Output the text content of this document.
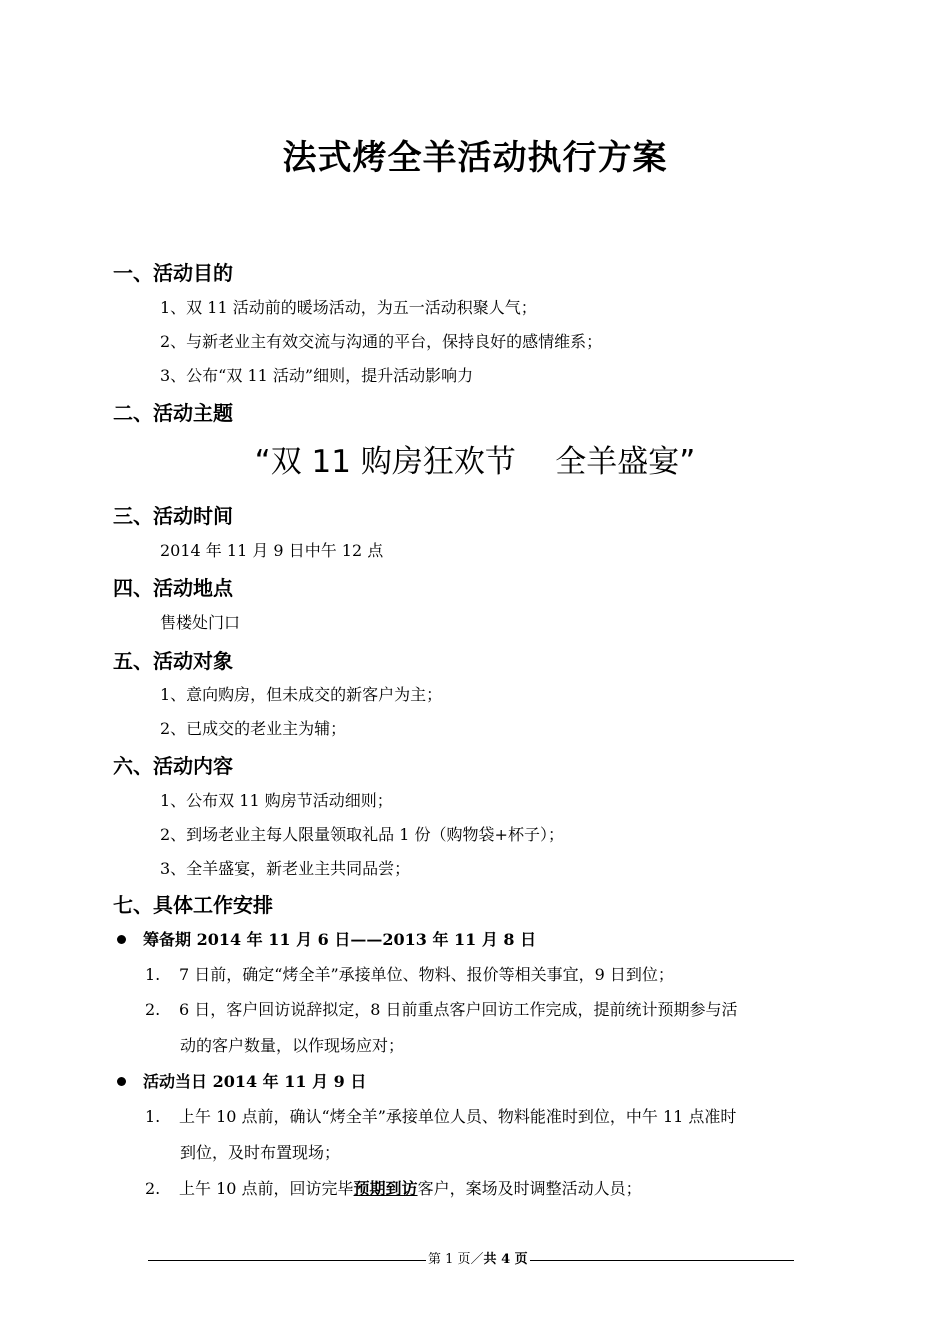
法式烤全羊活动执行方案
一、活动目的

1、双 11 活动前的暖场活动，为五一活动积聚人气；

2、与新老业主有效交流与沟通的平台，保持良好的感情维系；

3、公布“双 11 活动”细则，提升活动影响力

二、活动主题

“双 11 购房狂欢节    全羊盛宴”

三、活动时间

2014 年 11 月 9 日中午 12 点

四、活动地点

售楼处门口

五、活动对象

1、意向购房，但未成交的新客户为主；

2、已成交的老业主为辅；

六、活动内容

1、公布双 11 购房节活动细则；

2、到场老业主每人限量领取礼品 1 份（购物袋+杯子）；

3、全羊盛宴，新老业主共同品尝；

七、具体工作安排

筹备期 2014 年 11 月 6 日——2013 年 11 月 8 日

1. 7 日前，确定“烤全羊”承接单位、物料、报价等相关事宜，9 日到位；

2. 6 日，客户回访说辞拟定，8 日前重点客户回访工作完成，提前统计预期参与活

动的客户数量，以作现场应对；

活动当日 2014 年 11 月 9 日

1. 上午 10 点前，确认“烤全羊”承接单位人员、物料能准时到位，中午 11 点准时

到位，及时布置现场；

2. 上午 10 点前，回访完毕预期到访客户，案场及时调整活动人员；

第 1 页／共 4 页
